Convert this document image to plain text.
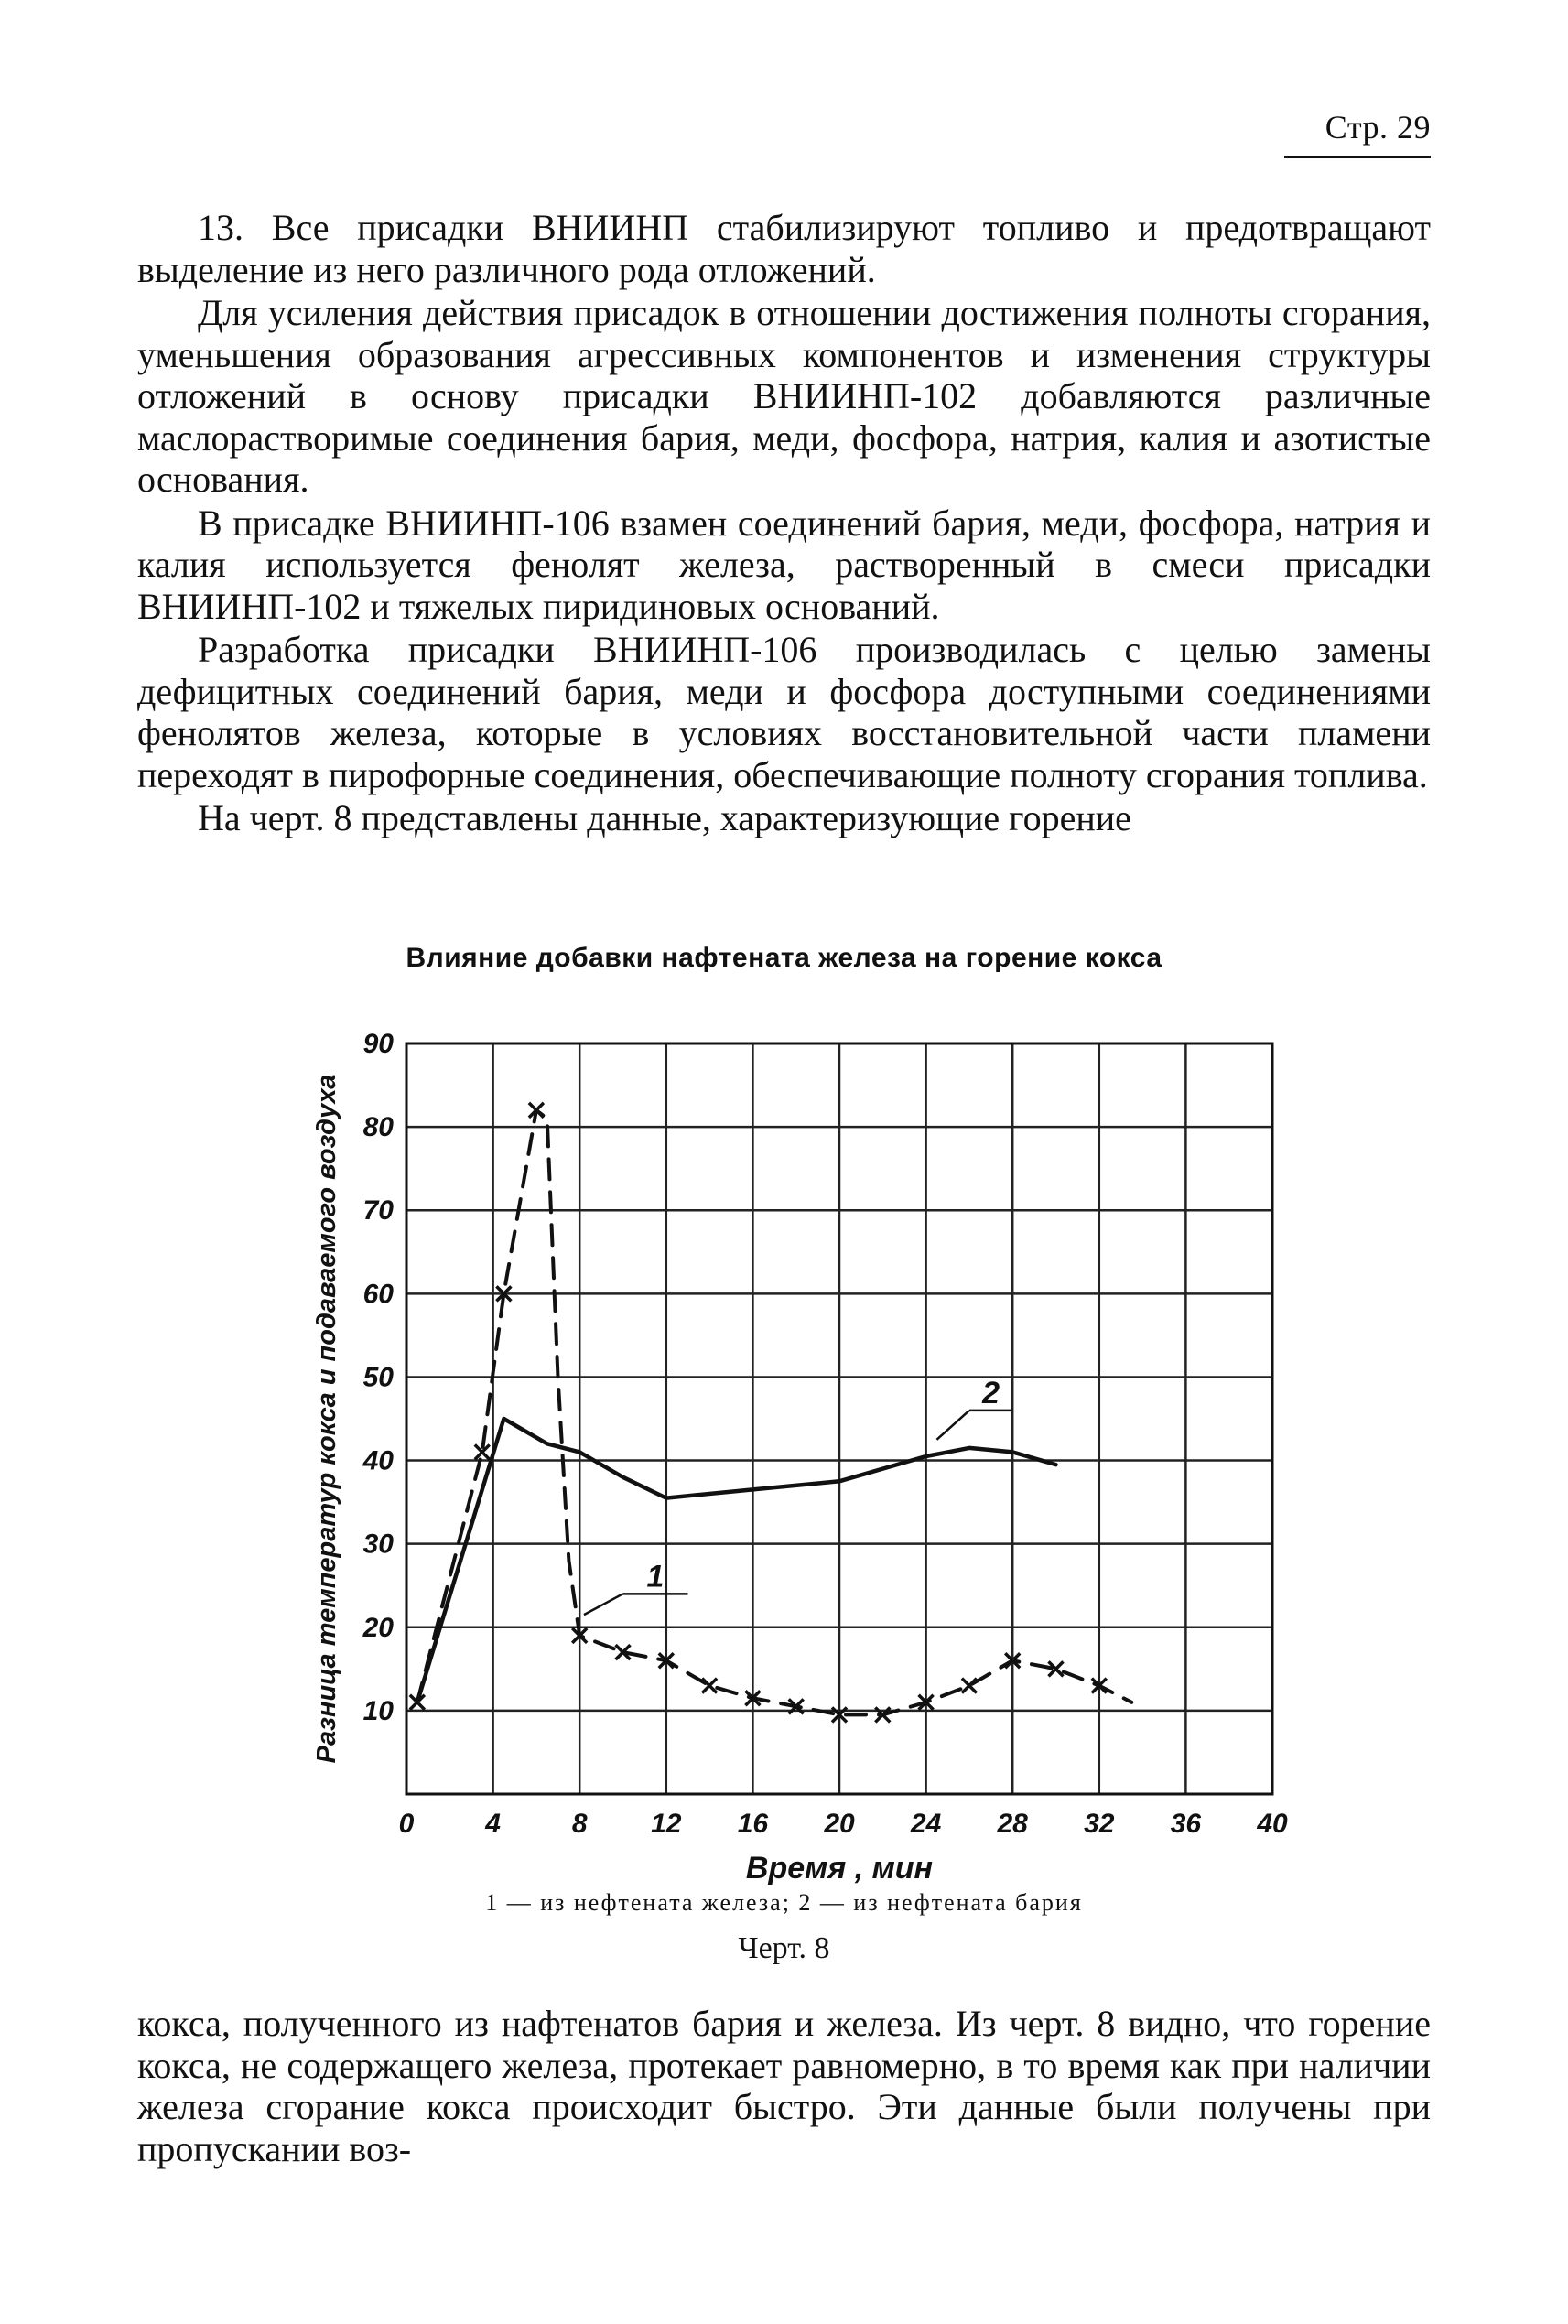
Стр. 29

13. Все присадки ВНИИНП стабилизируют топливо и предотвращают выделение из него различного рода отложений.

Для усиления действия присадок в отношении достижения полноты сгорания, уменьшения образования агрессивных компонентов и изменения структуры отложений в основу присадки ВНИИНП-102 добавляются различные маслорастворимые соединения бария, меди, фосфора, натрия, калия и азотистые основания.

В присадке ВНИИНП-106 взамен соединений бария, меди, фосфора, натрия и калия используется фенолят железа, растворенный в смеси присадки ВНИИНП-102 и тяжелых пиридиновых оснований.

Разработка присадки ВНИИНП-106 производилась с целью замены дефицитных соединений бария, меди и фосфора доступными соединениями фенолятов железа, которые в условиях восстановительной части пламени переходят в пирофорные соединения, обеспечивающие полноту сгорания топлива.

На черт. 8 представлены данные, характеризующие горение

Влияние добавки нафтената железа на горение кокса
1
2
0	4	8 12 16 20 24 28 32 36 40
10
20
30
40
50
60
70
80
90
Время , мин
Разница температур кокса и подаваемого воздуха
1 — из нефтената железа; 2 — из нефтената бария
Черт. 8

кокса, полученного из нафтенатов бария и железа. Из черт. 8 видно, что горение кокса, не содержащего железа, протекает равномерно, в то время как при наличии железа сгорание кокса происходит быстро. Эти данные были получены при пропускании воз-
